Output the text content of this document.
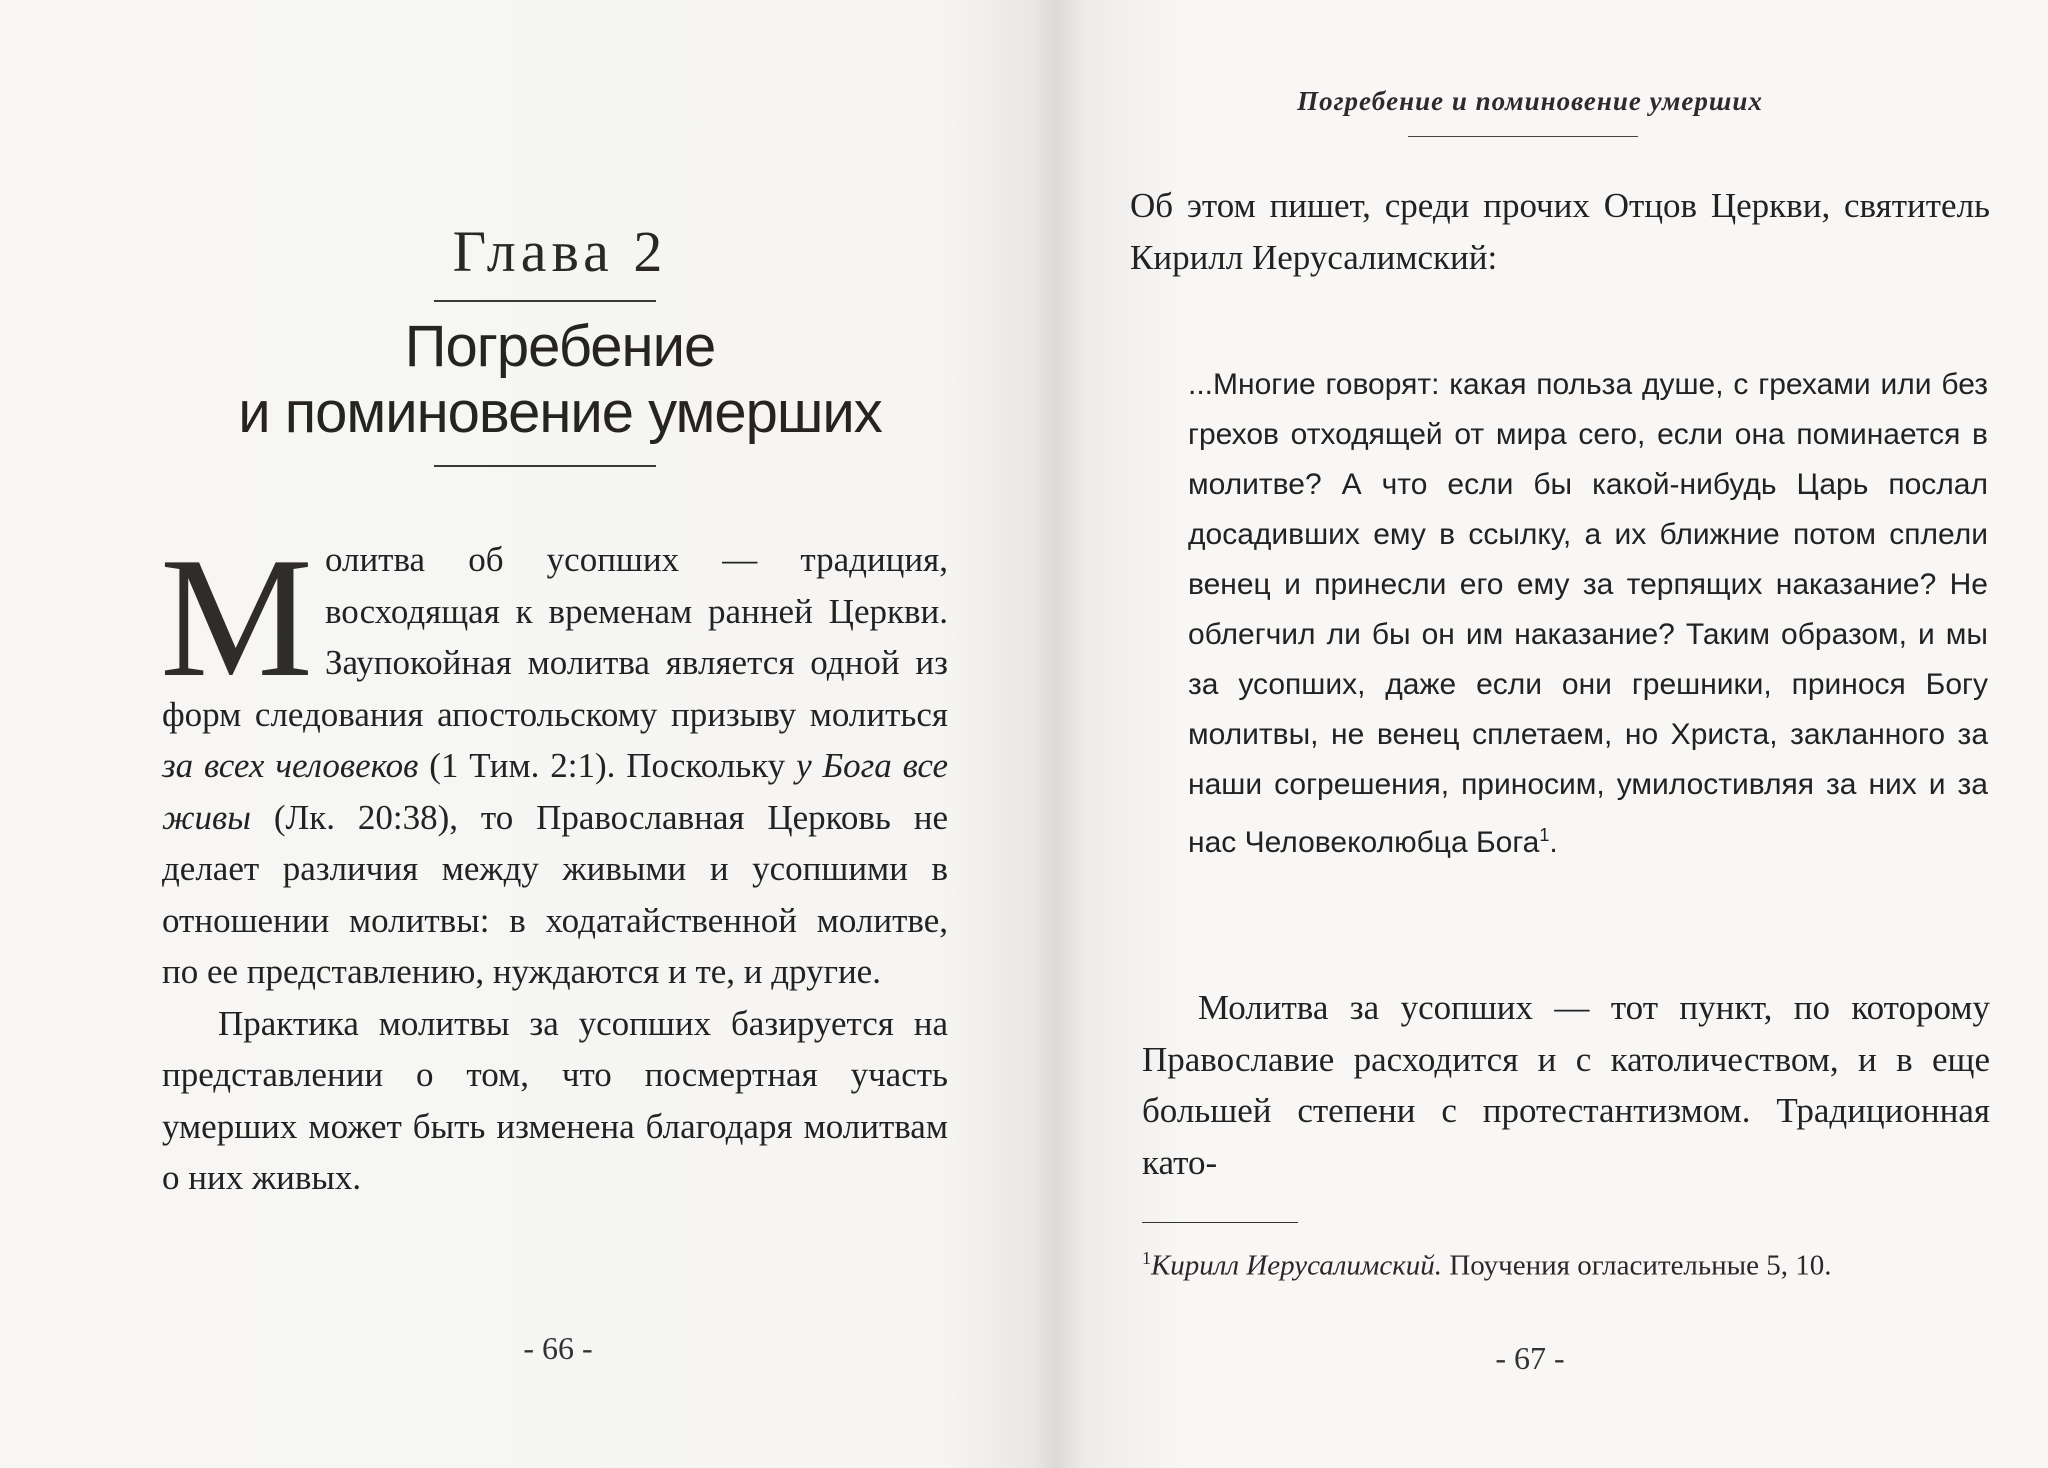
Глава 2
Погребение
и поминовение умерших

Молитва об усопших — традиция, восходящая к временам ранней Церкви. Заупокойная молитва является одной из форм следования апостольскому призыву молиться за всех человеков (1 Тим. 2:1). Поскольку у Бога все живы (Лк. 20:38), то Православная Церковь не делает различия между живыми и усопшими в отношении молитвы: в ходатайственной молитве, по ее представлению, нуждаются и те, и другие.

Практика молитвы за усопших базируется на представлении о том, что посмертная участь умерших может быть изменена благодаря молитвам о них живых.

- 66 -
Погребение и поминовение умерших

Об этом пишет, среди прочих Отцов Церкви, святитель Кирилл Иерусалимский:

...Многие говорят: какая польза душе, с грехами или без грехов отходящей от мира сего, если она поминается в молитве? А что если бы какой-нибудь Царь послал досадивших ему в ссылку, а их ближние потом сплели венец и принесли его ему за терпящих наказание? Не облегчил ли бы он им наказание? Таким образом, и мы за усопших, даже если они грешники, принося Богу молитвы, не венец сплетаем, но Христа, закланного за наши согрешения, приносим, умилостивляя за них и за нас Человеколюбца Бога$^1$.

Молитва за усопших — тот пункт, по которому Православие расходится и с католичеством, и в еще большей степени с протестантизмом. Традиционная като-

$^1$Кирилл Иерусалимский. Поучения огласительные 5, 10.
- 67 -
